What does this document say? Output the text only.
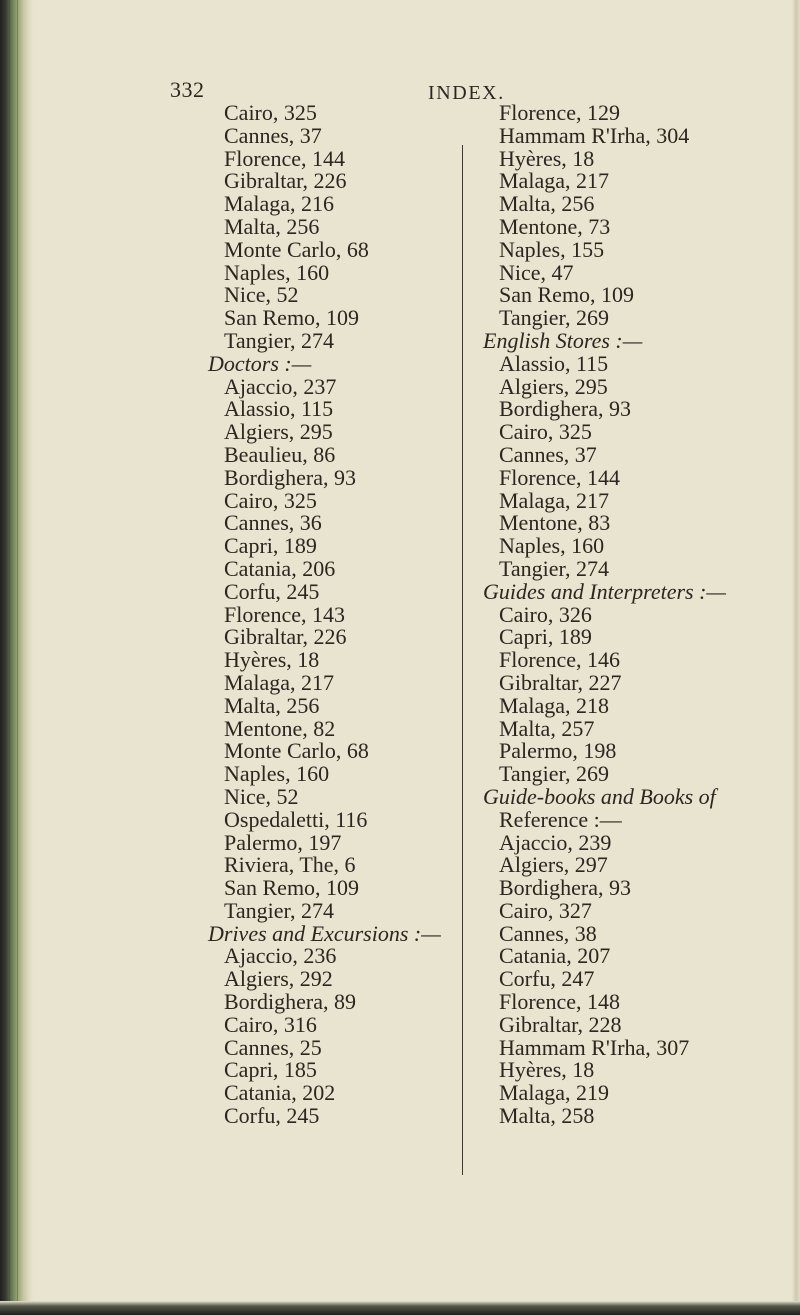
332	INDEX.
Cairo, 325
Cannes, 37
Florence, 144
Gibraltar, 226
Malaga, 216
Malta, 256
Monte Carlo, 68
Naples, 160
Nice, 52
San Remo, 109
Tangier, 274
Doctors :—
Ajaccio, 237
Alassio, 115
Algiers, 295
Beaulieu, 86
Bordighera, 93
Cairo, 325
Cannes, 36
Capri, 189
Catania, 206
Corfu, 245
Florence, 143
Gibraltar, 226
Hyères, 18
Malaga, 217
Malta, 256
Mentone, 82
Monte Carlo, 68
Naples, 160
Nice, 52
Ospedaletti, 116
Palermo, 197
Riviera, The, 6
San Remo, 109
Tangier, 274
Drives and Excursions :—
Ajaccio, 236
Algiers, 292
Bordighera, 89
Cairo, 316
Cannes, 25
Capri, 185
Catania, 202
Corfu, 245
Florence, 129
Hammam R'Irha, 304
Hyères, 18
Malaga, 217
Malta, 256
Mentone, 73
Naples, 155
Nice, 47
San Remo, 109
Tangier, 269
English Stores :—
Alassio, 115
Algiers, 295
Bordighera, 93
Cairo, 325
Cannes, 37
Florence, 144
Malaga, 217
Mentone, 83
Naples, 160
Tangier, 274
Guides and Interpreters :—
Cairo, 326
Capri, 189
Florence, 146
Gibraltar, 227
Malaga, 218
Malta, 257
Palermo, 198
Tangier, 269
Guide-books and Books of
Reference :—
Ajaccio, 239
Algiers, 297
Bordighera, 93
Cairo, 327
Cannes, 38
Catania, 207
Corfu, 247
Florence, 148
Gibraltar, 228
Hammam R'Irha, 307
Hyères, 18
Malaga, 219
Malta, 258
